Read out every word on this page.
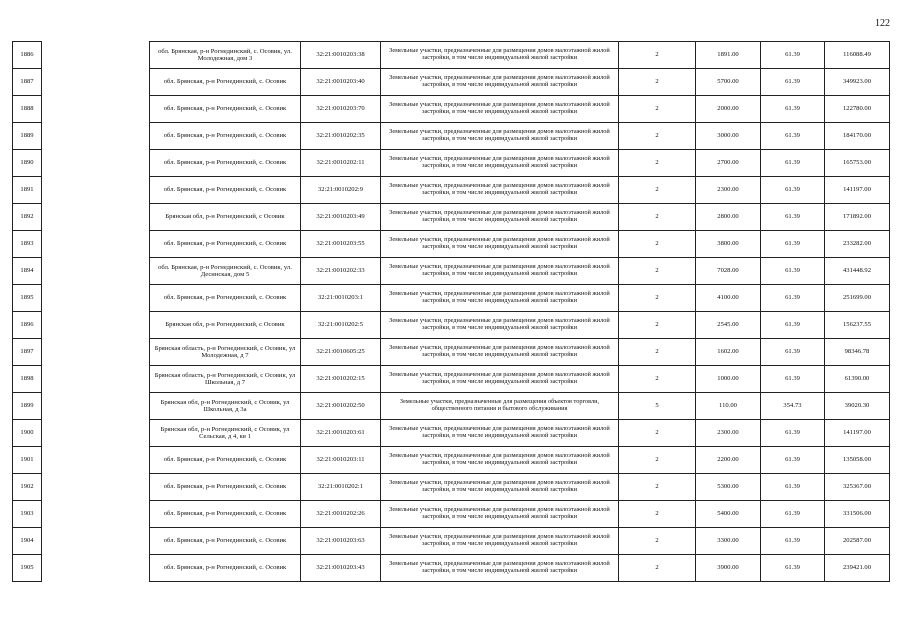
122
1886		обл. Брянская, р-н Рогнединский, с. Осовик, ул. Молодежная, дом 3	32:21:0010203:38	Земельные участки, предназначенные для размещения домов малоэтажной жилой застройки, в том числе индивидуальной жилой застройки	2	1891.00	61.39	116088.49
1887		обл. Брянская, р-н Рогнединский, с. Осовик	32:21:0010203:40	Земельные участки, предназначенные для размещения домов малоэтажной жилой застройки, в том числе индивидуальной жилой застройки	2	5700.00	61.39	349923.00
1888		обл. Брянская, р-н Рогнединский, с. Осовик	32:21:0010203:70	Земельные участки, предназначенные для размещения домов малоэтажной жилой застройки, в том числе индивидуальной жилой застройки	2	2000.00	61.39	122780.00
1889		обл. Брянская, р-н Рогнединский, с. Осовик	32:21:0010202:35	Земельные участки, предназначенные для размещения домов малоэтажной жилой застройки, в том числе индивидуальной жилой застройки	2	3000.00	61.39	184170.00
1890		обл. Брянская, р-н Рогнединский, с. Осовик	32:21:0010202:11	Земельные участки, предназначенные для размещения домов малоэтажной жилой застройки, в том числе индивидуальной жилой застройки	2	2700.00	61.39	165753.00
1891		обл. Брянская, р-н Рогнединский, с. Осовик	32:21:0010202:9	Земельные участки, предназначенные для размещения домов малоэтажной жилой застройки, в том числе индивидуальной жилой застройки	2	2300.00	61.39	141197.00
1892		Брянская обл, р-н Рогнединский, с Осовик	32:21:0010203:49	Земельные участки, предназначенные для размещения домов малоэтажной жилой застройки, в том числе индивидуальной жилой застройки	2	2800.00	61.39	171892.00
1893		обл. Брянская, р-н Рогнединский, с. Осовик	32:21:0010203:55	Земельные участки, предназначенные для размещения домов малоэтажной жилой застройки, в том числе индивидуальной жилой застройки	2	3800.00	61.39	233282.00
1894		обл. Брянская, р-н Рогнединский, с. Осовик, ул. Десинская, дом 5	32:21:0010202:33	Земельные участки, предназначенные для размещения домов малоэтажной жилой застройки, в том числе индивидуальной жилой застройки	2	7028.00	61.39	431448.92
1895		обл. Брянская, р-н Рогнединский, с. Осовик	32:21:0010203:1	Земельные участки, предназначенные для размещения домов малоэтажной жилой застройки, в том числе индивидуальной жилой застройки	2	4100.00	61.39	251699.00
1896		Брянская обл, р-н Рогнединский, с Осовик	32:21:0010202:5	Земельные участки, предназначенные для размещения домов малоэтажной жилой застройки, в том числе индивидуальной жилой застройки	2	2545.00	61.39	156237.55
1897		Брянская область, р-н Рогнединский, с Осовик, ул Молодежная, д 7	32:21:0010605:25	Земельные участки, предназначенные для размещения домов малоэтажной жилой застройки, в том числе индивидуальной жилой застройки	2	1602.00	61.39	98346.78
1898		Брянская область, р-н Рогнединский, с Осовик, ул Школьная, д 7	32:21:0010202:15	Земельные участки, предназначенные для размещения домов малоэтажной жилой застройки, в том числе индивидуальной жилой застройки	2	1000.00	61.39	61390.00
1899		Брянская обл, р-н Рогнединский, с Осовик, ул Школьная, д 3а	32:21:0010202:50	Земельные участки, предназначенные для размещения объектов торговли, общественного питания и бытового обслуживания	5	110.00	354.73	39020.30
1900		Брянская обл, р-н Рогнединский, с Осовик, ул Сельская, д 4, кв 1	32:21:0010203:61	Земельные участки, предназначенные для размещения домов малоэтажной жилой застройки, в том числе индивидуальной жилой застройки	2	2300.00	61.39	141197.00
1901		обл. Брянская, р-н Рогнединский, с. Осовик	32:21:0010203:11	Земельные участки, предназначенные для размещения домов малоэтажной жилой застройки, в том числе индивидуальной жилой застройки	2	2200.00	61.39	135058.00
1902		обл. Брянская, р-н Рогнединский, с. Осовик	32:21:0010202:1	Земельные участки, предназначенные для размещения домов малоэтажной жилой застройки, в том числе индивидуальной жилой застройки	2	5300.00	61.39	325367.00
1903		обл. Брянская, р-н Рогнединский, с. Осовик	32:21:0010202:26	Земельные участки, предназначенные для размещения домов малоэтажной жилой застройки, в том числе индивидуальной жилой застройки	2	5400.00	61.39	331506.00
1904		обл. Брянская, р-н Рогнединский, с. Осовик	32:21:0010203:63	Земельные участки, предназначенные для размещения домов малоэтажной жилой застройки, в том числе индивидуальной жилой застройки	2	3300.00	61.39	202587.00
1905		обл. Брянская, р-н Рогнединский, с. Осовик	32:21:0010203:43	Земельные участки, предназначенные для размещения домов малоэтажной жилой застройки, в том числе индивидуальной жилой застройки	2	3900.00	61.39	239421.00
